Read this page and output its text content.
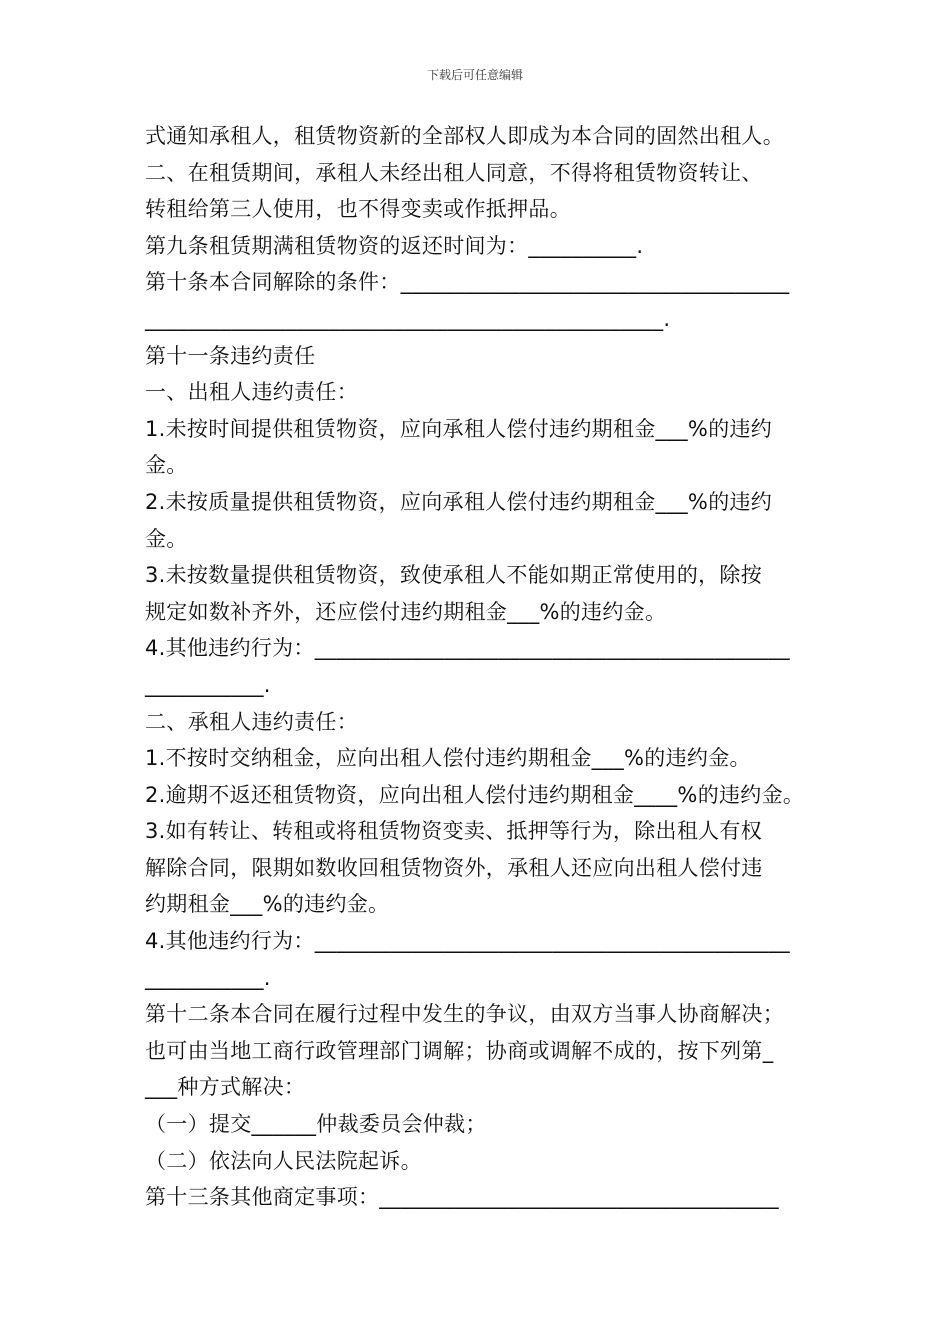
下载后可任意编辑
式通知承租人，租赁物资新的全部权人即成为本合同的固然出租人。
二、在租赁期间，承租人未经出租人同意，不得将租赁物资转让、
转租给第三人使用，也不得变卖或作抵押品。
第九条租赁期满租赁物资的返还时间为：__________.
第十条本合同解除的条件：____________________________________
________________________________________________.
第十一条违约责任
一、出租人违约责任：
1.未按时间提供租赁物资，应向承租人偿付违约期租金___%的违约
金。
2.未按质量提供租赁物资，应向承租人偿付违约期租金___%的违约
金。
3.未按数量提供租赁物资，致使承租人不能如期正常使用的，除按
规定如数补齐外，还应偿付违约期租金___%的违约金。
4.其他违约行为：____________________________________________
___________.
二、承租人违约责任：
1.不按时交纳租金，应向出租人偿付违约期租金___%的违约金。
2.逾期不返还租赁物资，应向出租人偿付违约期租金____%的违约金。
3.如有转让、转租或将租赁物资变卖、抵押等行为，除出租人有权
解除合同，限期如数收回租赁物资外，承租人还应向出租人偿付违
约期租金___%的违约金。
4.其他违约行为：____________________________________________
___________.
第十二条本合同在履行过程中发生的争议，由双方当事人协商解决；
也可由当地工商行政管理部门调解；协商或调解不成的，按下列第_
___种方式解决：
（一）提交______仲裁委员会仲裁；
（二）依法向人民法院起诉。
第十三条其他商定事项：_____________________________________
